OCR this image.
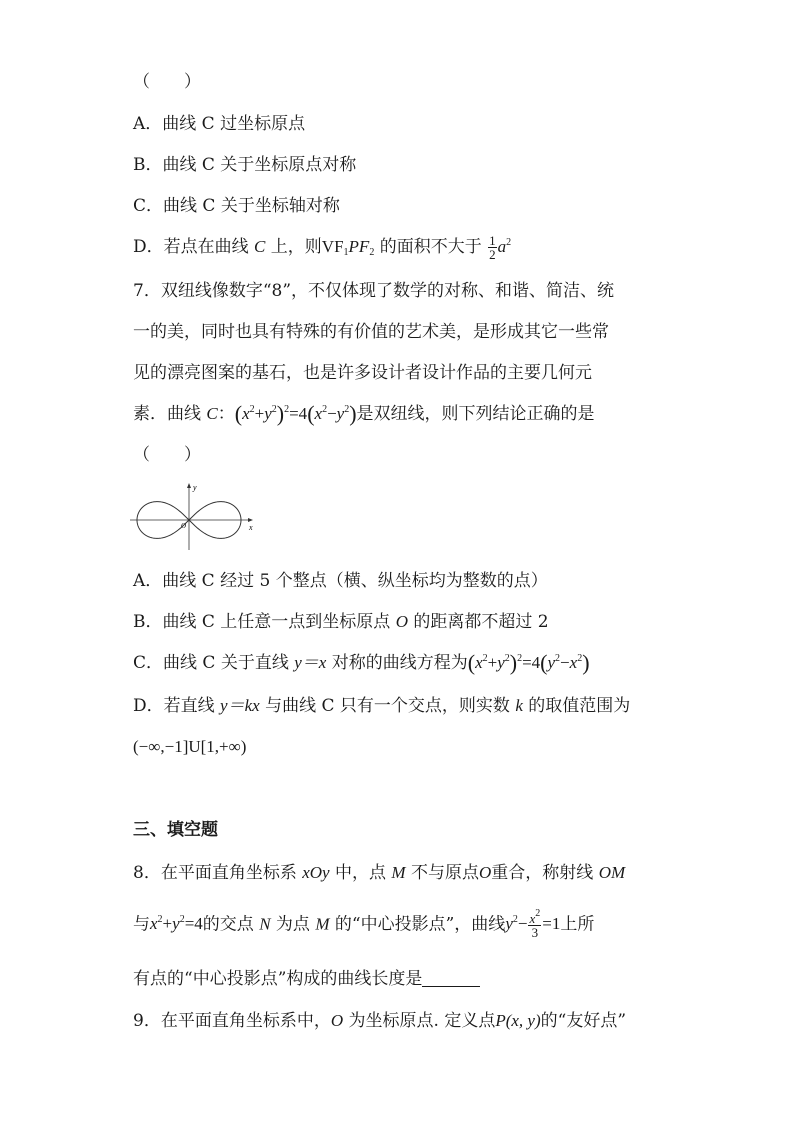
（　　）
A．曲线 C 过坐标原点
B．曲线 C 关于坐标原点对称
C．曲线 C 关于坐标轴对称
D．若点在曲线 C 上，则$VF_1PF_2$ 的面积不大于 $\frac{1}{2} a^2$
7．双纽线像数字“8”，不仅体现了数学的对称、和谐、简洁、统
一的美，同时也具有特殊的有价值的艺术美，是形成其它一些常
见的漂亮图案的基石，也是许多设计者设计作品的主要几何元
素．曲线 C：$(x^2+y^2)^2=4(x^2-y^2)$是双纽线，则下列结论正确的是
（　　）
y
x
O
A．曲线 C 经过 5 个整点（横、纵坐标均为整数的点）
B．曲线 C 上任意一点到坐标原点 O 的距离都不超过 2
C．曲线 C 关于直线 y＝x 对称的曲线方程为$(x^2+y^2)^2=4(y^2-x^2)$
D．若直线 y＝kx 与曲线 C 只有一个交点，则实数 k 的取值范围为
(−∞,−1]U[1,+∞)
三、填空题
8．在平面直角坐标系 xOy 中，点 M 不与原点O重合，称射线 OM
与$x^2+y^2=4$的交点 N 为点 M 的“中心投影点”，曲线$y^2- \frac{x^2}{3} =1$上所
有点的“中心投影点”构成的曲线长度是
9．在平面直角坐标系中，O 为坐标原点. 定义点P(x, y)的“友好点”
